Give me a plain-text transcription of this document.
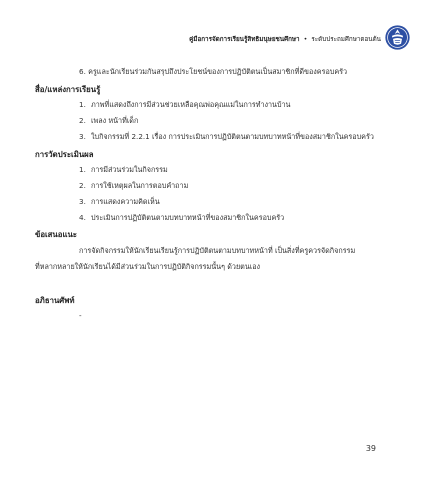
คู่มือการจัดการเรียนรู้สิทธิมนุษยชนศึกษา • ระดับประถมศึกษาตอนต้น
6. ครูและนักเรียนร่วมกันสรุปถึงประโยชน์ของการปฏิบัติตนเป็นสมาชิกที่ดีของครอบครัว
สื่อ/แหล่งการเรียนรู้
1. ภาพที่แสดงถึงการมีส่วนช่วยเหลือคุณพ่อคุณแม่ในการทำงานบ้าน
2. เพลง หน้าที่เด็ก
3. ใบกิจกรรมที่ 2.2.1 เรื่อง การประเมินการปฏิบัติตนตามบทบาทหน้าที่ของสมาชิกในครอบครัว
การวัดประเมินผล
1. การมีส่วนร่วมในกิจกรรม
2. การใช้เหตุผลในการตอบคำถาม
3. การแสดงความคิดเห็น
4. ประเมินการปฏิบัติตนตามบทบาทหน้าที่ของสมาชิกในครอบครัว
ข้อเสนอแนะ
การจัดกิจกรรมให้นักเรียนเรียนรู้การปฏิบัติตนตามบทบาทหน้าที่ เป็นสิ่งที่ครูควรจัดกิจกรรม
ที่หลากหลายให้นักเรียนได้มีส่วนร่วมในการปฏิบัติกิจกรรมนั้นๆ ด้วยตนเอง
อภิธานศัพท์
-
39
